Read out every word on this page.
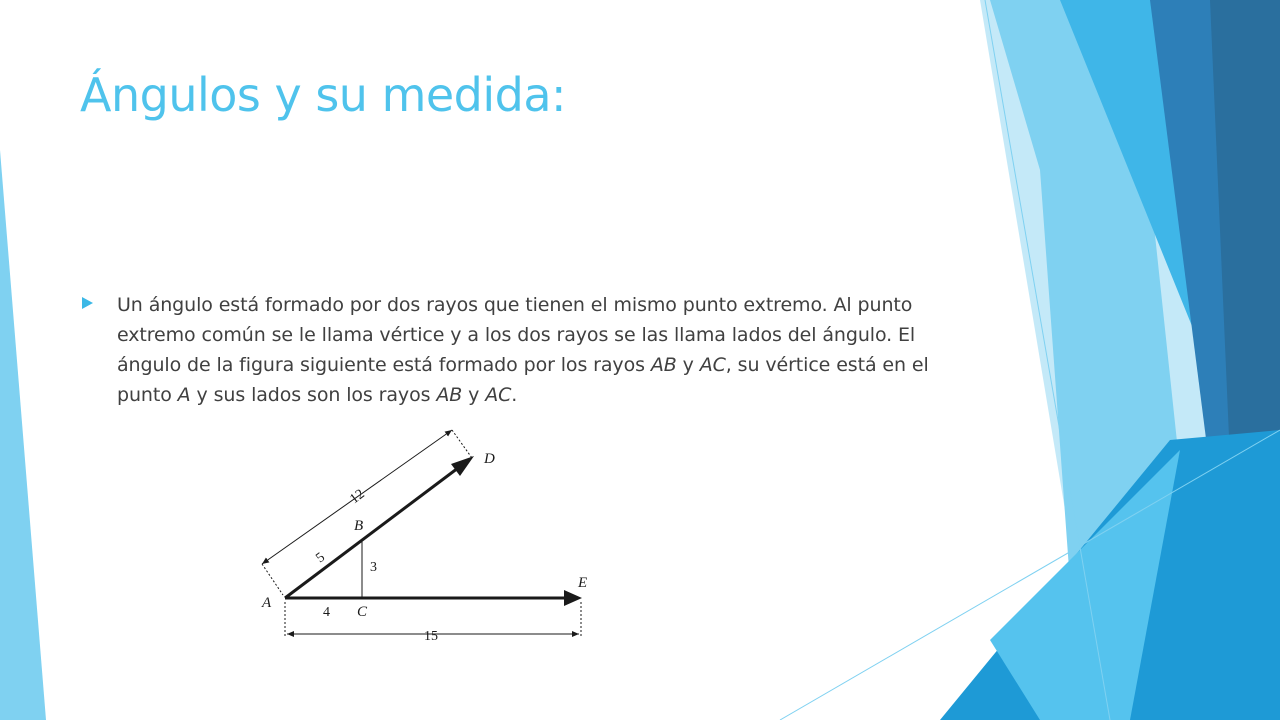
Ángulos y su medida:
Un ángulo está formado por dos rayos que tienen el mismo punto extremo. Al punto extremo común se le llama vértice y a los dos rayos se las llama lados del ángulo. El ángulo de la figura siguiente está formado por los rayos AB y AC, su vértice está en el punto A y sus lados son los rayos AB y AC.
A
B
C
D
E
12
5
3
4
15
